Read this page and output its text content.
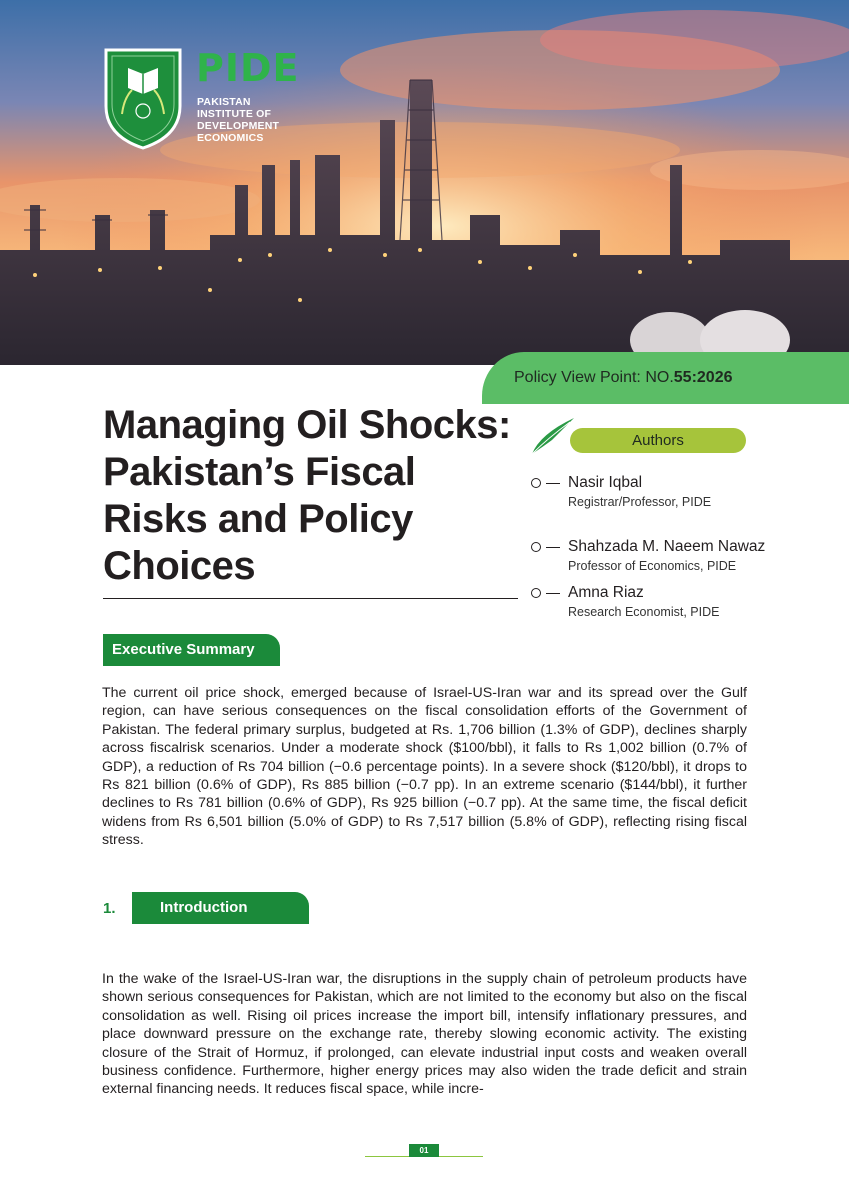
PIDE
PAKISTAN INSTITUTE OF DEVELOPMENT ECONOMICS
Policy View Point: NO.55:2026
Managing Oil Shocks: Pakistan’s Fiscal Risks and Policy Choices
Authors
Nasir Iqbal
Registrar/Professor, PIDE
Shahzada M. Naeem Nawaz
Professor of Economics, PIDE
Amna Riaz
Research Economist, PIDE
Executive Summary

The current oil price shock, emerged because of Israel-US-Iran war and its spread over the Gulf region, can have serious consequences on the fiscal consolidation efforts of the Government of Pakistan. The federal primary surplus, budgeted at Rs. 1,706 billion (1.3% of GDP), declines sharply across fiscalrisk scenarios. Under a moderate shock ($100/bbl), it falls to Rs 1,002 billion (0.7% of GDP), a reduction of Rs 704 billion (−0.6 percentage points). In a severe shock ($120/bbl), it drops to Rs 821 billion (0.6% of GDP), Rs 885 billion (−0.7 pp). In an extreme scenario ($144/bbl), it further declines to Rs 781 billion (0.6% of GDP), Rs 925 billion (−0.7 pp). At the same time, the fiscal deficit widens from Rs 6,501 billion (5.0% of GDP) to Rs 7,517 billion (5.8% of GDP), reflecting rising fiscal stress.

1.	Introduction

In the wake of the Israel-US-Iran war, the disruptions in the supply chain of petroleum products have shown serious consequences for Pakistan, which are not limited to the economy but also on the fiscal consolidation as well. Rising oil prices increase the import bill, intensify inflationary pressures, and place downward pressure on the exchange rate, thereby slowing economic activity. The existing closure of the Strait of Hormuz, if prolonged, can elevate industrial input costs and weaken overall business confidence. Furthermore, higher energy prices may also widen the trade deficit and strain external financing needs. It reduces fiscal space, while incre-

01
